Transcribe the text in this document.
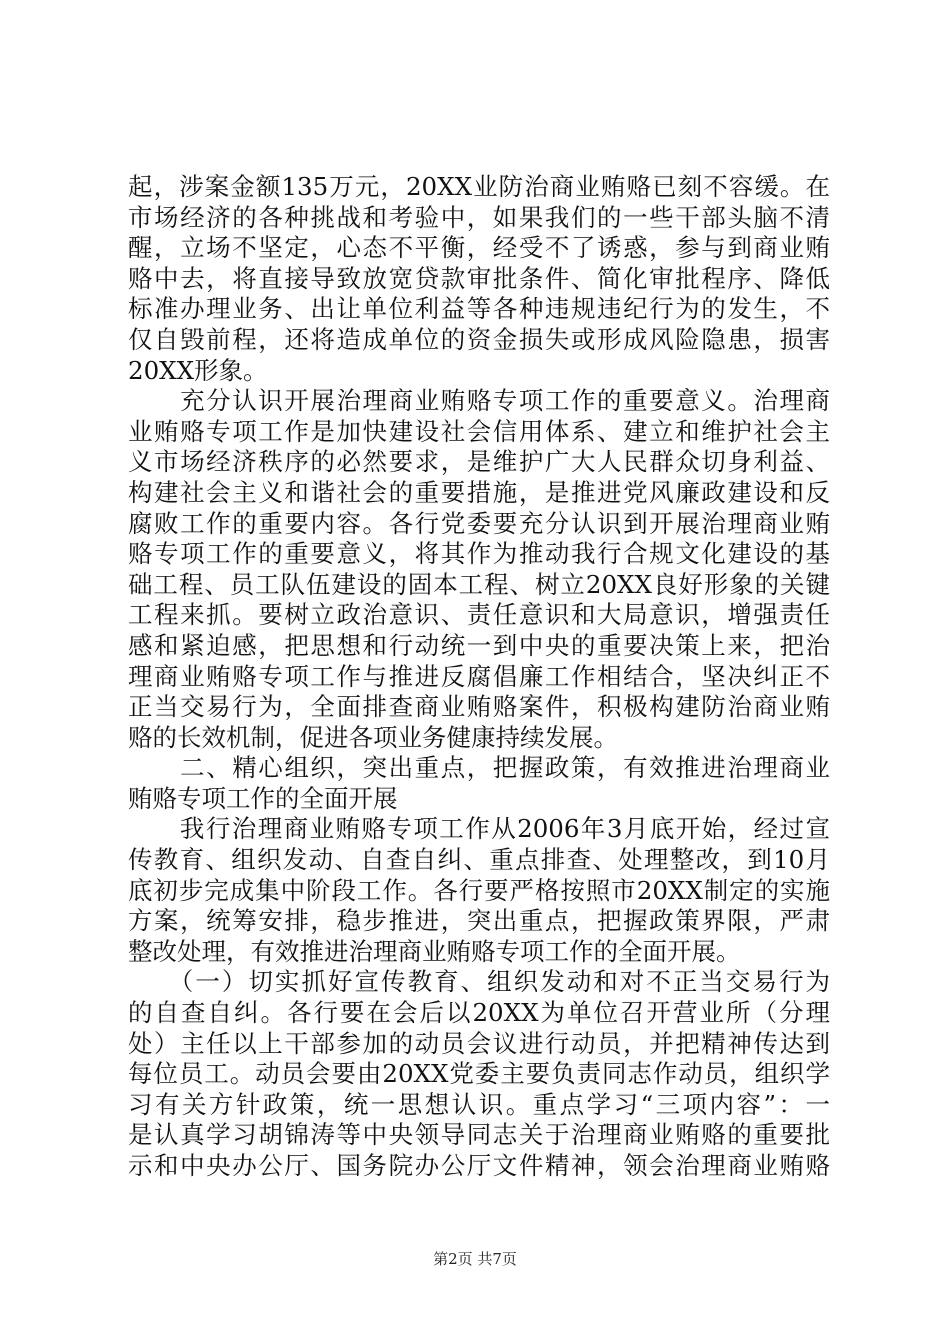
起，涉案金额135万元，20XX业防治商业贿赂已刻不容缓。在
市场经济的各种挑战和考验中，如果我们的一些干部头脑不清
醒，立场不坚定，心态不平衡，经受不了诱惑，参与到商业贿
赂中去，将直接导致放宽贷款审批条件、简化审批程序、降低
标准办理业务、出让单位利益等各种违规违纪行为的发生，不
仅自毁前程，还将造成单位的资金损失或形成风险隐患，损害
20XX形象。
　　充分认识开展治理商业贿赂专项工作的重要意义。治理商
业贿赂专项工作是加快建设社会信用体系、建立和维护社会主
义市场经济秩序的必然要求，是维护广大人民群众切身利益、
构建社会主义和谐社会的重要措施，是推进党风廉政建设和反
腐败工作的重要内容。各行党委要充分认识到开展治理商业贿
赂专项工作的重要意义，将其作为推动我行合规文化建设的基
础工程、员工队伍建设的固本工程、树立20XX良好形象的关键
工程来抓。要树立政治意识、责任意识和大局意识，增强责任
感和紧迫感，把思想和行动统一到中央的重要决策上来，把治
理商业贿赂专项工作与推进反腐倡廉工作相结合，坚决纠正不
正当交易行为，全面排查商业贿赂案件，积极构建防治商业贿
赂的长效机制，促进各项业务健康持续发展。
　　二、精心组织，突出重点，把握政策，有效推进治理商业
贿赂专项工作的全面开展
　　我行治理商业贿赂专项工作从2006年3月底开始，经过宣
传教育、组织发动、自查自纠、重点排查、处理整改，到10月
底初步完成集中阶段工作。各行要严格按照市20XX制定的实施
方案，统筹安排，稳步推进，突出重点，把握政策界限，严肃
整改处理，有效推进治理商业贿赂专项工作的全面开展。
　　（一）切实抓好宣传教育、组织发动和对不正当交易行为
的自查自纠。各行要在会后以20XX为单位召开营业所（分理
处）主任以上干部参加的动员会议进行动员，并把精神传达到
每位员工。动员会要由20XX党委主要负责同志作动员，组织学
习有关方针政策，统一思想认识。重点学习“三项内容”：一
是认真学习胡锦涛等中央领导同志关于治理商业贿赂的重要批
示和中央办公厅、国务院办公厅文件精神，领会治理商业贿赂
第2页 共7页
